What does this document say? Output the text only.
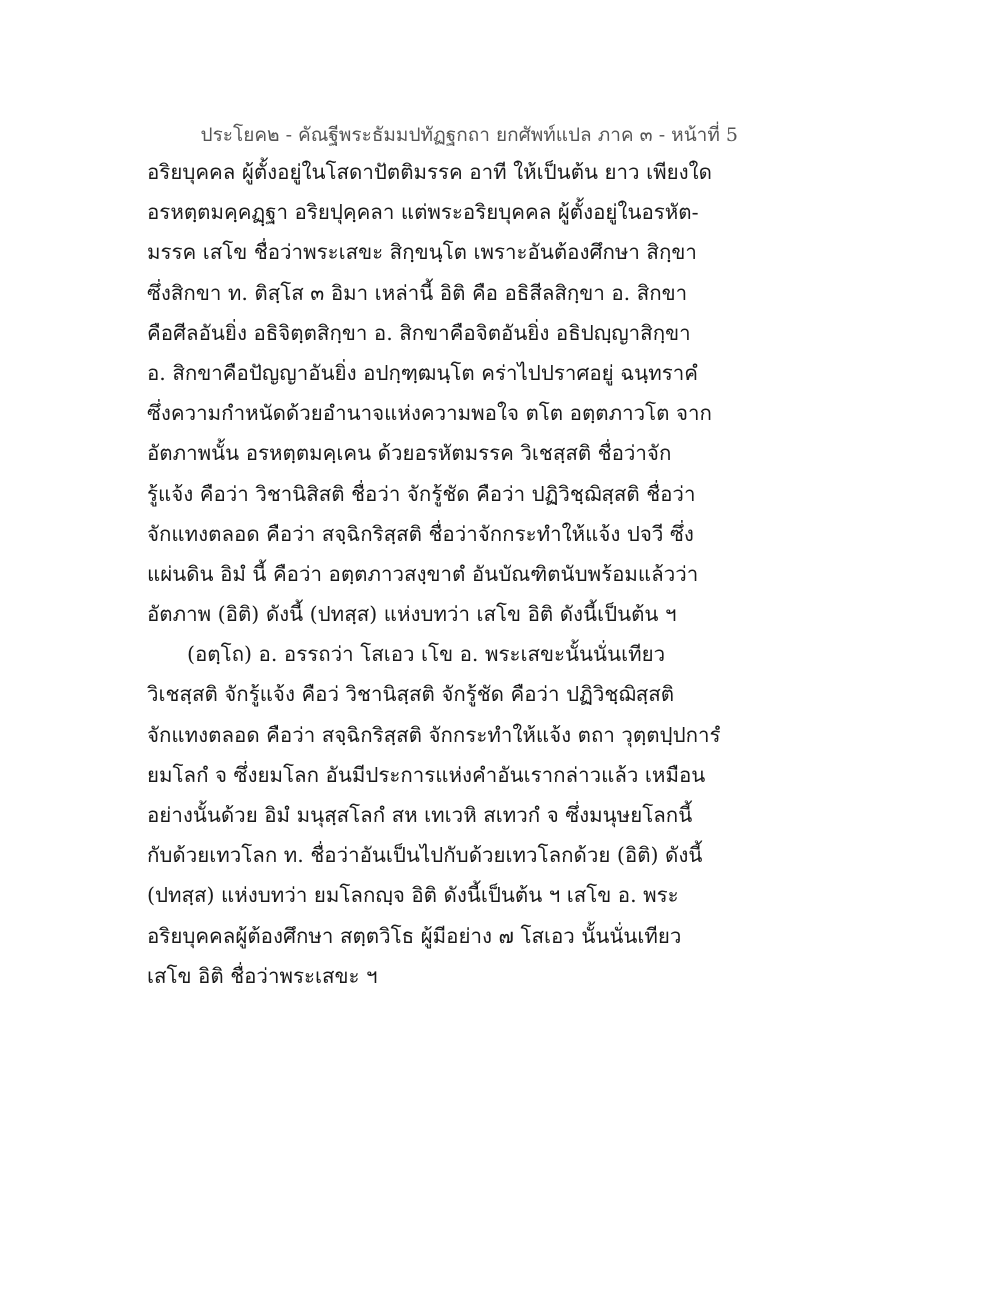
ประโยค๒ - คัณฐีพระธัมมปทัฏฐกถา ยกศัพท์แปล ภาค ๓ - หน้าที่ 5
อริยบุคคล ผู้ตั้งอยู่ในโสดาปัตติมรรค อาที ให้เป็นต้น ยาว เพียงใด
อรหตฺตมคฺคฏฺฐา อริยปุคฺคลา แต่พระอริยบุคคล ผู้ตั้งอยู่ในอรหัต-
มรรค เสโข ชื่อว่าพระเสขะ สิกฺขนฺโต เพราะอันต้องศึกษา สิกฺขา
ซึ่งสิกขา ท. ติสฺโส ๓ อิมา เหล่านี้ อิติ คือ อธิสีลสิกฺขา อ. สิกขา
คือศีลอันยิ่ง อธิจิตฺตสิกฺขา อ. สิกขาคือจิตอันยิ่ง อธิปญฺญาสิกฺขา
อ. สิกขาคือปัญญาอันยิ่ง อปกฺฑฺฒนฺโต คร่าไปปราศอยู่ ฉนฺทราคํ
ซึ่งความกำหนัดด้วยอำนาจแห่งความพอใจ ตโต อตฺตภาวโต จาก
อัตภาพนั้น อรหตฺตมคฺเคน ด้วยอรหัตมรรค วิเชสฺสติ ชื่อว่าจัก
รู้แจ้ง คือว่า วิชานิสิสติ ชื่อว่า จักรู้ชัด คือว่า ปฏิวิชฺฌิสฺสติ ชื่อว่า
จักแทงตลอด คือว่า สจฺฉิกริสฺสติ ชื่อว่าจักกระทำให้แจ้ง ปจวี ซึ่ง
แผ่นดิน อิมํ นี้ คือว่า อตฺตภาวสงฺขาตํ อันบัณฑิตนับพร้อมแล้วว่า
อัตภาพ (อิติ) ดังนี้ (ปทสฺส) แห่งบทว่า เสโข อิติ ดังนี้เป็นต้น ฯ
(อตฺโถ) อ. อรรถว่า โสเอว เโข อ. พระเสขะนั้นนั่นเทียว
วิเชสฺสติ จักรู้แจ้ง คือว่ วิชานิสฺสติ จักรู้ชัด คือว่า ปฏิวิชฺฌิสฺสติ
จักแทงตลอด คือว่า สจฺฉิกริสฺสติ จักกระทำให้แจ้ง ตถา วุตฺตปฺปการํ
ยมโลกํ จ ซึ่งยมโลก อันมีประการแห่งคำอันเรากล่าวแล้ว เหมือน
อย่างนั้นด้วย อิมํ มนุสฺสโลกํ สห เทเวหิ สเทวกํ จ ซึ่งมนุษยโลกนี้
กับด้วยเทวโลก ท. ชื่อว่าอันเป็นไปกับด้วยเทวโลกด้วย (อิติ) ดังนี้
(ปทสฺส) แห่งบทว่า ยมโลกญฺจ อิติ ดังนี้เป็นต้น ฯ เสโข อ. พระ
อริยบุคคลผู้ต้องศึกษา สตฺตวิโธ ผู้มีอย่าง ๗ โสเอว นั้นนั่นเทียว
เสโข อิติ ชื่อว่าพระเสขะ ฯ
